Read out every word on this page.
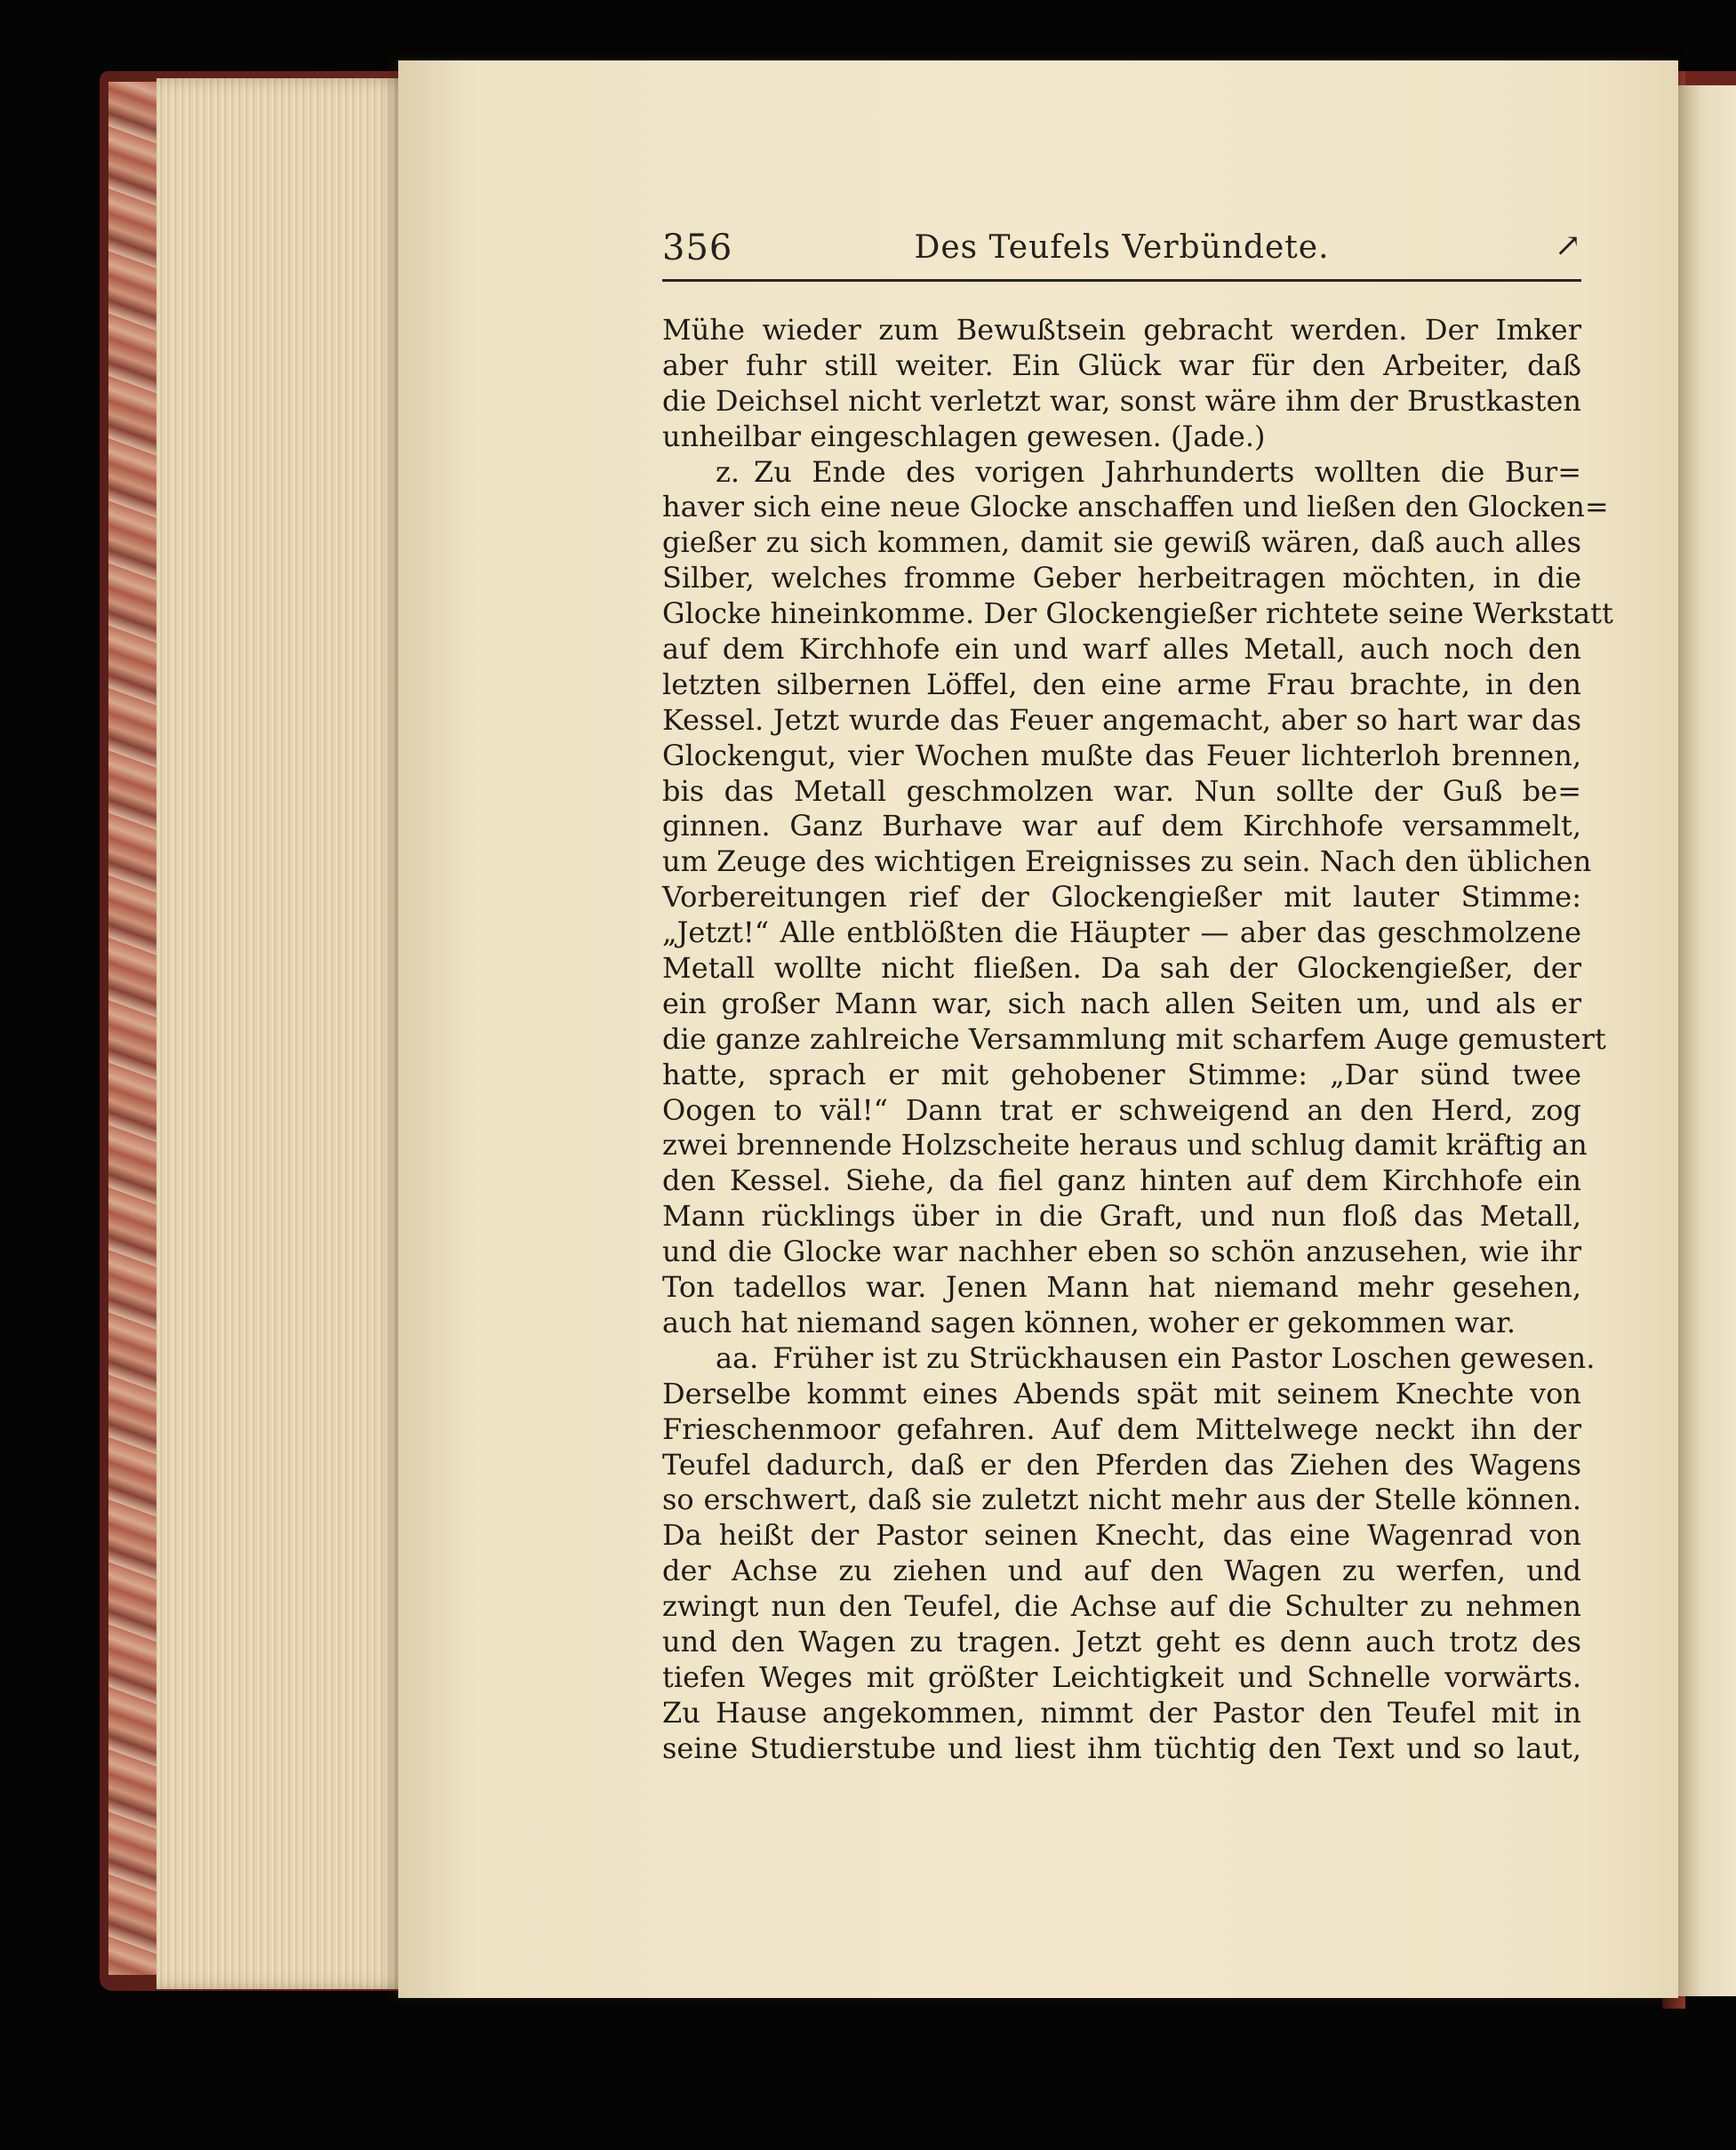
356	Des Teufels Verbündete.	↗
Mühe wieder zum Bewußtsein gebracht werden. Der Imker
aber fuhr still weiter. Ein Glück war für den Arbeiter, daß
die Deichsel nicht verletzt war, sonst wäre ihm der Brustkasten
unheilbar eingeschlagen gewesen. (Jade.)
z. Zu Ende des vorigen Jahrhunderts wollten die Bur=
haver sich eine neue Glocke anschaffen und ließen den Glocken=
gießer zu sich kommen, damit sie gewiß wären, daß auch alles
Silber, welches fromme Geber herbeitragen möchten, in die
Glocke hineinkomme. Der Glockengießer richtete seine Werkstatt
auf dem Kirchhofe ein und warf alles Metall, auch noch den
letzten silbernen Löffel, den eine arme Frau brachte, in den
Kessel. Jetzt wurde das Feuer angemacht, aber so hart war das
Glockengut, vier Wochen mußte das Feuer lichterloh brennen,
bis das Metall geschmolzen war. Nun sollte der Guß be=
ginnen. Ganz Burhave war auf dem Kirchhofe versammelt,
um Zeuge des wichtigen Ereignisses zu sein. Nach den üblichen
Vorbereitungen rief der Glockengießer mit lauter Stimme:
„Jetzt!“ Alle entblößten die Häupter — aber das geschmolzene
Metall wollte nicht fließen. Da sah der Glockengießer, der
ein großer Mann war, sich nach allen Seiten um, und als er
die ganze zahlreiche Versammlung mit scharfem Auge gemustert
hatte, sprach er mit gehobener Stimme: „Dar sünd twee
Oogen to väl!“ Dann trat er schweigend an den Herd, zog
zwei brennende Holzscheite heraus und schlug damit kräftig an
den Kessel. Siehe, da fiel ganz hinten auf dem Kirchhofe ein
Mann rücklings über in die Graft, und nun floß das Metall,
und die Glocke war nachher eben so schön anzusehen, wie ihr
Ton tadellos war. Jenen Mann hat niemand mehr gesehen,
auch hat niemand sagen können, woher er gekommen war.
aa. Früher ist zu Strückhausen ein Pastor Loschen gewesen.
Derselbe kommt eines Abends spät mit seinem Knechte von
Frieschenmoor gefahren. Auf dem Mittelwege neckt ihn der
Teufel dadurch, daß er den Pferden das Ziehen des Wagens
so erschwert, daß sie zuletzt nicht mehr aus der Stelle können.
Da heißt der Pastor seinen Knecht, das eine Wagenrad von
der Achse zu ziehen und auf den Wagen zu werfen, und
zwingt nun den Teufel, die Achse auf die Schulter zu nehmen
und den Wagen zu tragen. Jetzt geht es denn auch trotz des
tiefen Weges mit größter Leichtigkeit und Schnelle vorwärts.
Zu Hause angekommen, nimmt der Pastor den Teufel mit in
seine Studierstube und liest ihm tüchtig den Text und so laut,
